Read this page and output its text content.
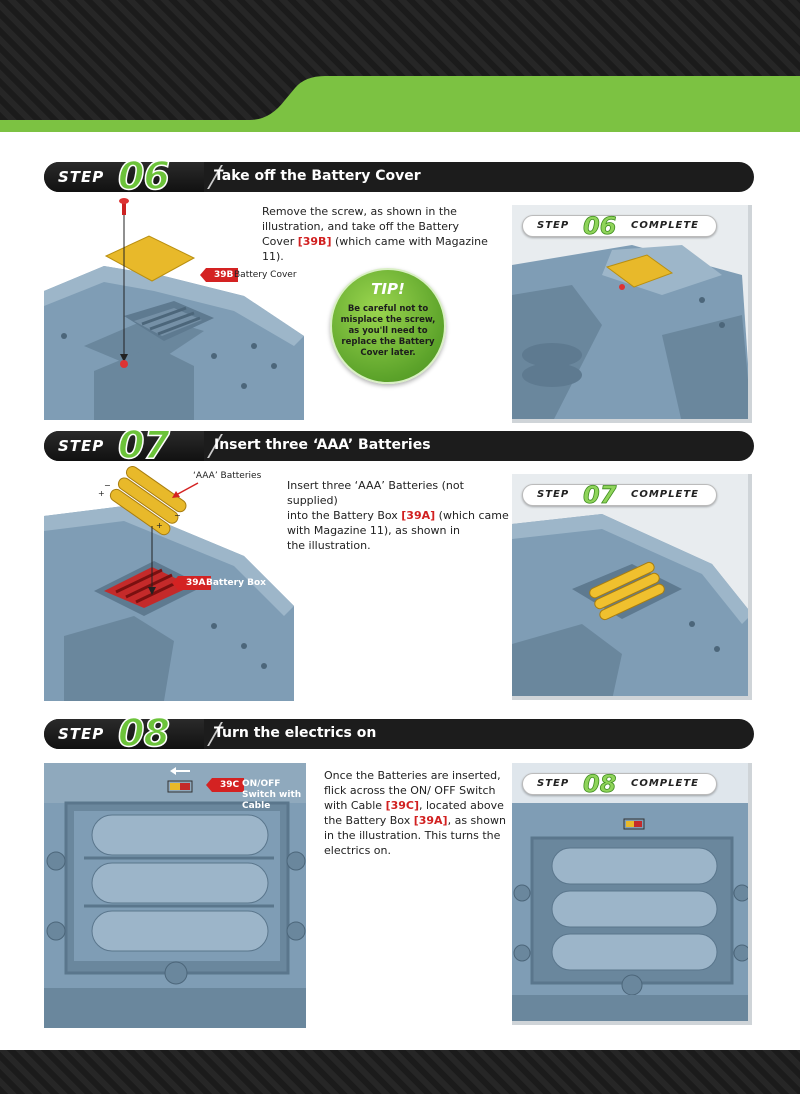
STEP 06	Take off the Battery Cover
39B Battery Cover
Remove the screw, as shown in the
illustration, and take off the Battery
Cover [39B] (which came with Magazine 11).
TIP!
Be careful not to misplace the screw, as you'll need to replace the Battery Cover later.
STEP 06 COMPLETE
STEP 07	Insert three ‘AAA’ Batteries
−
+
+
−
‘AAA’ Batteries
39A Battery Box
Insert three ‘AAA’ Batteries (not supplied)
into the Battery Box [39A] (which came
with Magazine 11), as shown in
the illustration.
STEP 07 COMPLETE
STEP 08	Turn the electrics on
39C ON/OFF
Switch with
Cable
Once the Batteries are inserted,
flick across the ON/ OFF Switch
with Cable [39C], located above
the Battery Box [39A], as shown
in the illustration. This turns the
electrics on.
STEP 08 COMPLETE
